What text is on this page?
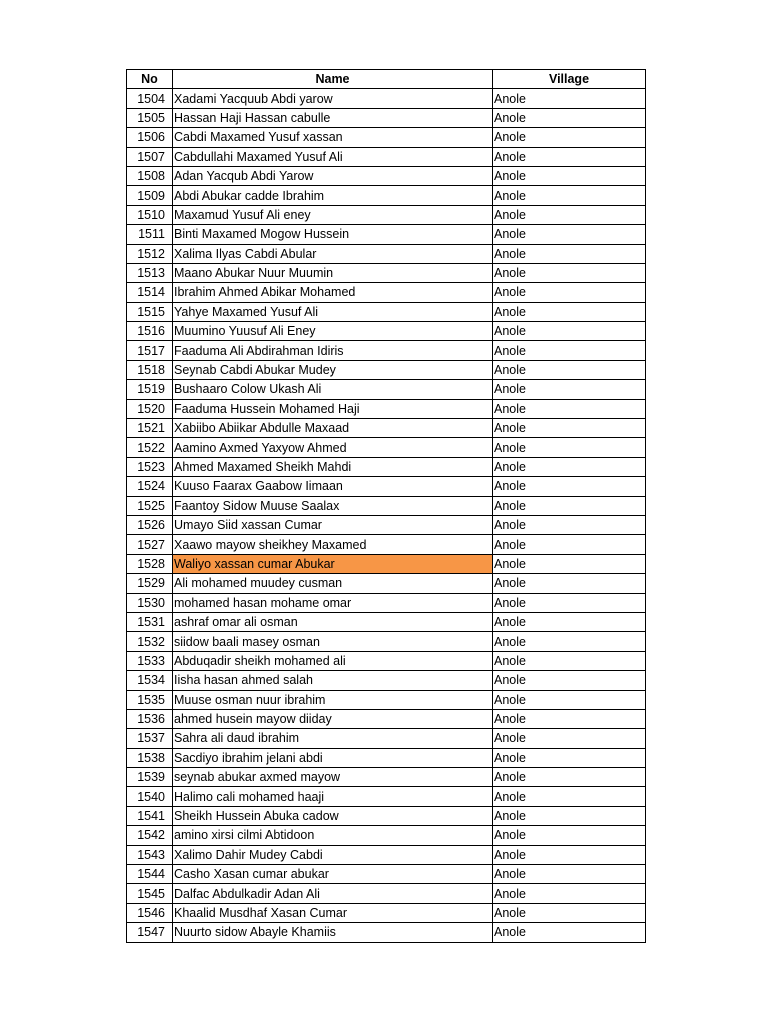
No	Name	Village
1504	Xadami Yacquub Abdi yarow	Anole
1505	Hassan Haji Hassan cabulle	Anole
1506	Cabdi Maxamed Yusuf xassan	Anole
1507	Cabdullahi Maxamed Yusuf Ali	Anole
1508	Adan Yacqub Abdi Yarow	Anole
1509	Abdi Abukar cadde Ibrahim	Anole
1510	Maxamud Yusuf Ali eney	Anole
1511	Binti Maxamed Mogow Hussein	Anole
1512	Xalima Ilyas Cabdi Abular	Anole
1513	Maano Abukar Nuur Muumin	Anole
1514	Ibrahim Ahmed Abikar Mohamed	Anole
1515	Yahye Maxamed Yusuf Ali	Anole
1516	Muumino Yuusuf Ali Eney	Anole
1517	Faaduma Ali Abdirahman Idiris	Anole
1518	Seynab Cabdi Abukar Mudey	Anole
1519	Bushaaro Colow Ukash Ali	Anole
1520	Faaduma Hussein Mohamed Haji	Anole
1521	Xabiibo Abiikar Abdulle Maxaad	Anole
1522	Aamino Axmed Yaxyow Ahmed	Anole
1523	Ahmed Maxamed Sheikh Mahdi	Anole
1524	Kuuso Faarax Gaabow Iimaan	Anole
1525	Faantoy Sidow Muuse Saalax	Anole
1526	Umayo Siid xassan Cumar	Anole
1527	Xaawo mayow sheikhey Maxamed	Anole
1528	Waliyo xassan cumar Abukar	Anole
1529	Ali mohamed muudey cusman	Anole
1530	mohamed hasan mohame omar	Anole
1531	ashraf omar ali osman	Anole
1532	siidow baali masey osman	Anole
1533	Abduqadir sheikh mohamed ali	Anole
1534	Iisha hasan ahmed salah	Anole
1535	Muuse osman nuur ibrahim	Anole
1536	ahmed husein mayow diiday	Anole
1537	Sahra ali daud ibrahim	Anole
1538	Sacdiyo ibrahim jelani abdi	Anole
1539	seynab abukar axmed mayow	Anole
1540	Halimo cali mohamed haaji	Anole
1541	Sheikh Hussein Abuka cadow	Anole
1542	amino xirsi cilmi Abtidoon	Anole
1543	Xalimo Dahir Mudey Cabdi	Anole
1544	Casho Xasan cumar abukar	Anole
1545	Dalfac Abdulkadir Adan Ali	Anole
1546	Khaalid Musdhaf Xasan Cumar	Anole
1547	Nuurto sidow Abayle Khamiis	Anole
